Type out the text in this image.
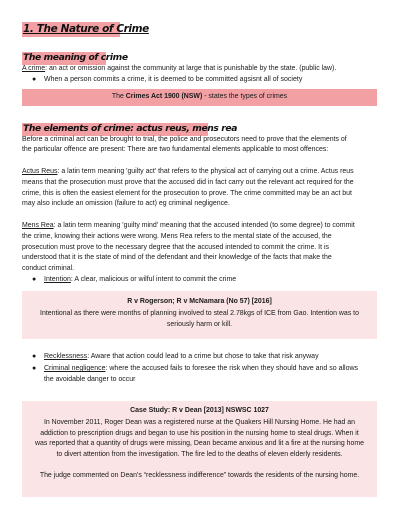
1. The Nature of Crime
The meaning of crime

A crime: an act or omission against the community at large that is punishable by the state. (public law).

● When a person commits a crime, it is deemed to be committed agsisnt all of society

The Crimes Act 1900 (NSW) - states the types of crimes

The elements of crime: actus reus, mens rea

Before a criminal act can be brought to trial, the police and prosecutors need to prove that the elements of

the particular offence are present: There are two fundamental elements applicable to most offences:

Actus Reus: a latin term meaning 'guilty act' that refers to the physical act of carrying out a crime. Actus reus

means that the prosecution must prove that the accused did in fact carry out the relevant act required for the

crime, this is often the easiest element for the prosecution to prove. The crime committed may be an act but

may also include an omission (failure to act) eg criminal negligence.

Mens Rea: a latin term meaning 'guilty mind' meaning that the accused intended (to some degree) to commit

the crime, knowing their actions were wrong. Mens Rea refers to the mental state of the accused, the

prosecution must prove to the necessary degree that the accused intended to commit the crime. It is

understood that it is the state of mind of the defendant and their knowledge of the facts that make the

conduct criminal.

● Intention: A clear, malicious or wilful intent to commit the crime

R v Rogerson; R v McNamara (No 57) [2016]

Intentional as there were months of planning involved to steal 2.78kgs of ICE from Gao. Intention was to

seriously harm or kill.

● Recklessness: Aware that action could lead to a crime but chose to take that risk anyway
● Criminal negligence: where the accused fails to foresee the risk when they should have and so allows

the avoidable danger to occur

Case Study: R v Dean [2013] NSWSC 1027

In November 2011, Roger Dean was a registered nurse at the Quakers Hill Nursing Home. He had an

addiction to prescription drugs and began to use his position in the nursing home to steal drugs. When it

was reported that a quantity of drugs were missing, Dean became anxious and lit a fire at the nursing home

to divert attention from the investigation. The fire led to the deaths of eleven elderly residents.

The judge commented on Dean's “recklessness indifference” towards the residents of the nursing home.
